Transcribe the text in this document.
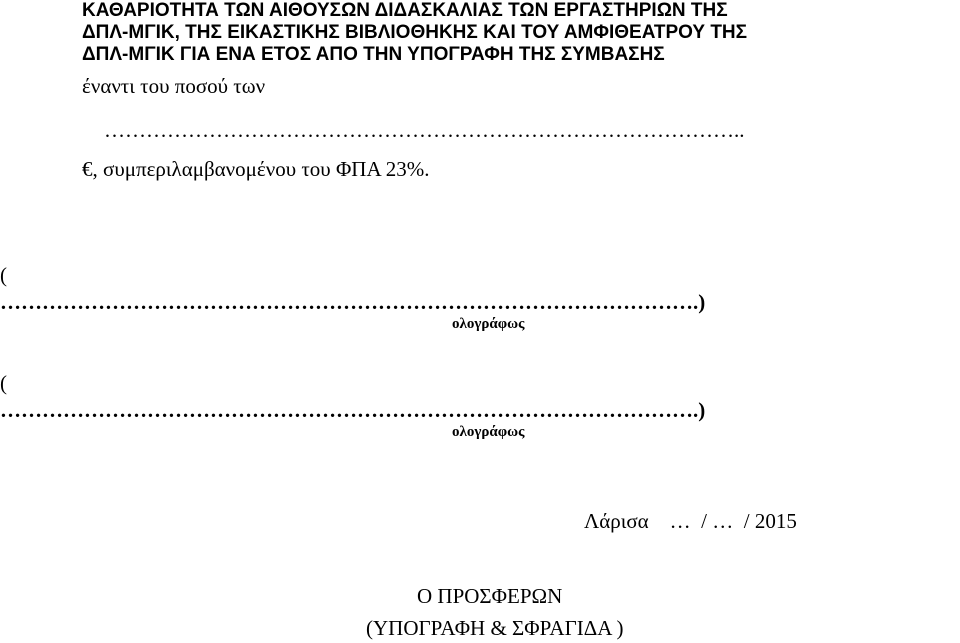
ΚΑΘΑΡΙΟΤΗΤΑ ΤΩΝ ΑΙΘΟΥΣΩΝ ΔΙΔΑΣΚΑΛΙΑΣ ΤΩΝ ΕΡΓΑΣΤΗΡΙΩΝ ΤΗΣ
ΔΠΛ-ΜΓΙΚ, ΤΗΣ ΕΙΚΑΣΤΙΚΗΣ ΒΙΒΛΙΟΘΗΚΗΣ ΚΑΙ ΤΟΥ ΑΜΦΙΘΕΑΤΡΟΥ ΤΗΣ
ΔΠΛ-ΜΓΙΚ ΓΙΑ ΕΝΑ ΕΤΟΣ ΑΠΟ ΤΗΝ ΥΠΟΓΡΑΦΗ ΤΗΣ ΣΥΜΒΑΣΗΣ
έναντι του ποσού των
………………………………………………………………………………..
€, συμπεριλαμβανομένου του ΦΠΑ 23%.
(
……………………………………………………………………………………….)
ολογράφως
(
……………………………………………………………………………………….)
ολογράφως
Λάρισα    …  / …  / 2015
Ο ΠΡΟΣΦΕΡΩΝ
(ΥΠΟΓΡΑΦΗ & ΣΦΡΑΓΙΔΑ )
